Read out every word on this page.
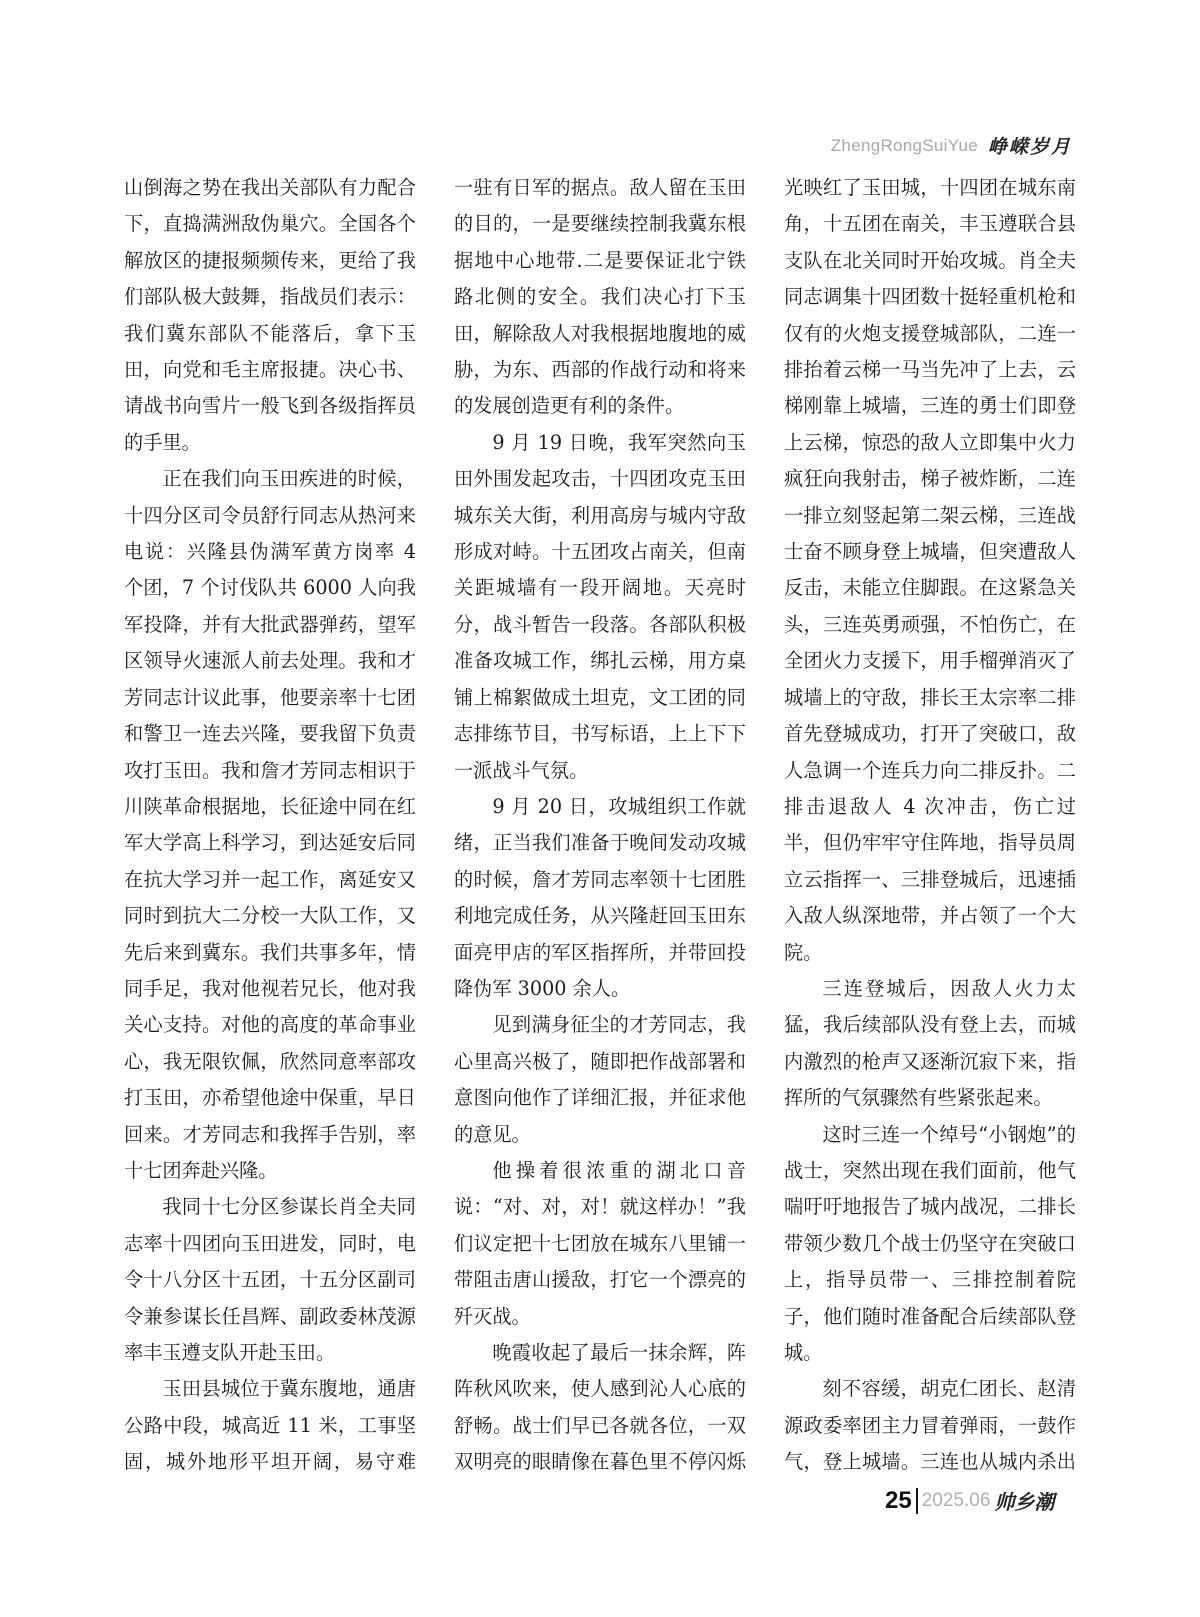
ZhengRongSuiYue 峥嵘岁月

山倒海之势在我出关部队有力配合下，直捣满洲敌伪巢穴。全国各个解放区的捷报频频传来，更给了我们部队极大鼓舞，指战员们表示：我们冀东部队不能落后，拿下玉田，向党和毛主席报捷。决心书、请战书向雪片一般飞到各级指挥员的手里。

正在我们向玉田疾进的时候，十四分区司令员舒行同志从热河来电说：兴隆县伪满军黄方岗率 4 个团，7 个讨伐队共 6000 人向我军投降，并有大批武器弹药，望军区领导火速派人前去处理。我和才芳同志计议此事，他要亲率十七团和警卫一连去兴隆，要我留下负责攻打玉田。我和詹才芳同志相识于川陕革命根据地，长征途中同在红军大学高上科学习，到达延安后同在抗大学习并一起工作，离延安又同时到抗大二分校一大队工作，又先后来到冀东。我们共事多年，情同手足，我对他视若兄长，他对我关心支持。对他的高度的革命事业心，我无限钦佩，欣然同意率部攻打玉田，亦希望他途中保重，早日回来。才芳同志和我挥手告别，率十七团奔赴兴隆。

我同十七分区参谋长肖全夫同志率十四团向玉田进发，同时，电令十八分区十五团，十五分区副司令兼参谋长任昌辉、副政委林茂源率丰玉遵支队开赴玉田。

玉田县城位于冀东腹地，通唐公路中段，城高近 11 米，工事坚固，城外地形平坦开阔，易守难

一驻有日军的据点。敌人留在玉田的目的，一是要继续控制我冀东根据地中心地带.二是要保证北宁铁路北侧的安全。我们决心打下玉田，解除敌人对我根据地腹地的威胁，为东、西部的作战行动和将来的发展创造更有利的条件。

9 月 19 日晚，我军突然向玉田外围发起攻击，十四团攻克玉田城东关大街，利用高房与城内守敌形成对峙。十五团攻占南关，但南关距城墙有一段开阔地。天亮时分，战斗暂告一段落。各部队积极准备攻城工作，绑扎云梯，用方桌铺上棉絮做成土坦克，文工团的同志排练节目，书写标语，上上下下一派战斗气氛。

9 月 20 日，攻城组织工作就绪，正当我们准备于晚间发动攻城的时候，詹才芳同志率领十七团胜利地完成任务，从兴隆赶回玉田东面亮甲店的军区指挥所，并带回投降伪军 3000 余人。

见到满身征尘的才芳同志，我心里高兴极了，随即把作战部署和意图向他作了详细汇报，并征求他的意见。

他操着很浓重的湖北口音说：“对、对，对！就这样办！”我们议定把十七团放在城东八里铺一带阻击唐山援敌，打它一个漂亮的歼灭战。

晚霞收起了最后一抹余辉，阵阵秋风吹来，使人感到沁人心底的舒畅。战士们早已各就各位，一双双明亮的眼睛像在暮色里不停闪烁

光映红了玉田城，十四团在城东南角，十五团在南关，丰玉遵联合县支队在北关同时开始攻城。肖全夫同志调集十四团数十挺轻重机枪和仅有的火炮支援登城部队，二连一排抬着云梯一马当先冲了上去，云梯刚靠上城墙，三连的勇士们即登上云梯，惊恐的敌人立即集中火力疯狂向我射击，梯子被炸断，二连一排立刻竖起第二架云梯，三连战士奋不顾身登上城墙，但突遭敌人反击，未能立住脚跟。在这紧急关头，三连英勇顽强，不怕伤亡，在全团火力支援下，用手榴弹消灭了城墙上的守敌，排长王太宗率二排首先登城成功，打开了突破口，敌人急调一个连兵力向二排反扑。二排击退敌人 4 次冲击，伤亡过半，但仍牢牢守住阵地，指导员周立云指挥一、三排登城后，迅速插入敌人纵深地带，并占领了一个大院。

三连登城后，因敌人火力太猛，我后续部队没有登上去，而城内激烈的枪声又逐渐沉寂下来，指挥所的气氛骤然有些紧张起来。

这时三连一个绰号“小钢炮”的战士，突然出现在我们面前，他气喘吁吁地报告了城内战况，二排长带领少数几个战士仍坚守在突破口上，指导员带一、三排控制着院子，他们随时准备配合后续部队登城。

刻不容缓，胡克仁团长、赵清源政委率团主力冒着弹雨，一鼓作气，登上城墙。三连也从城内杀出

25 2025.06 帅乡潮
